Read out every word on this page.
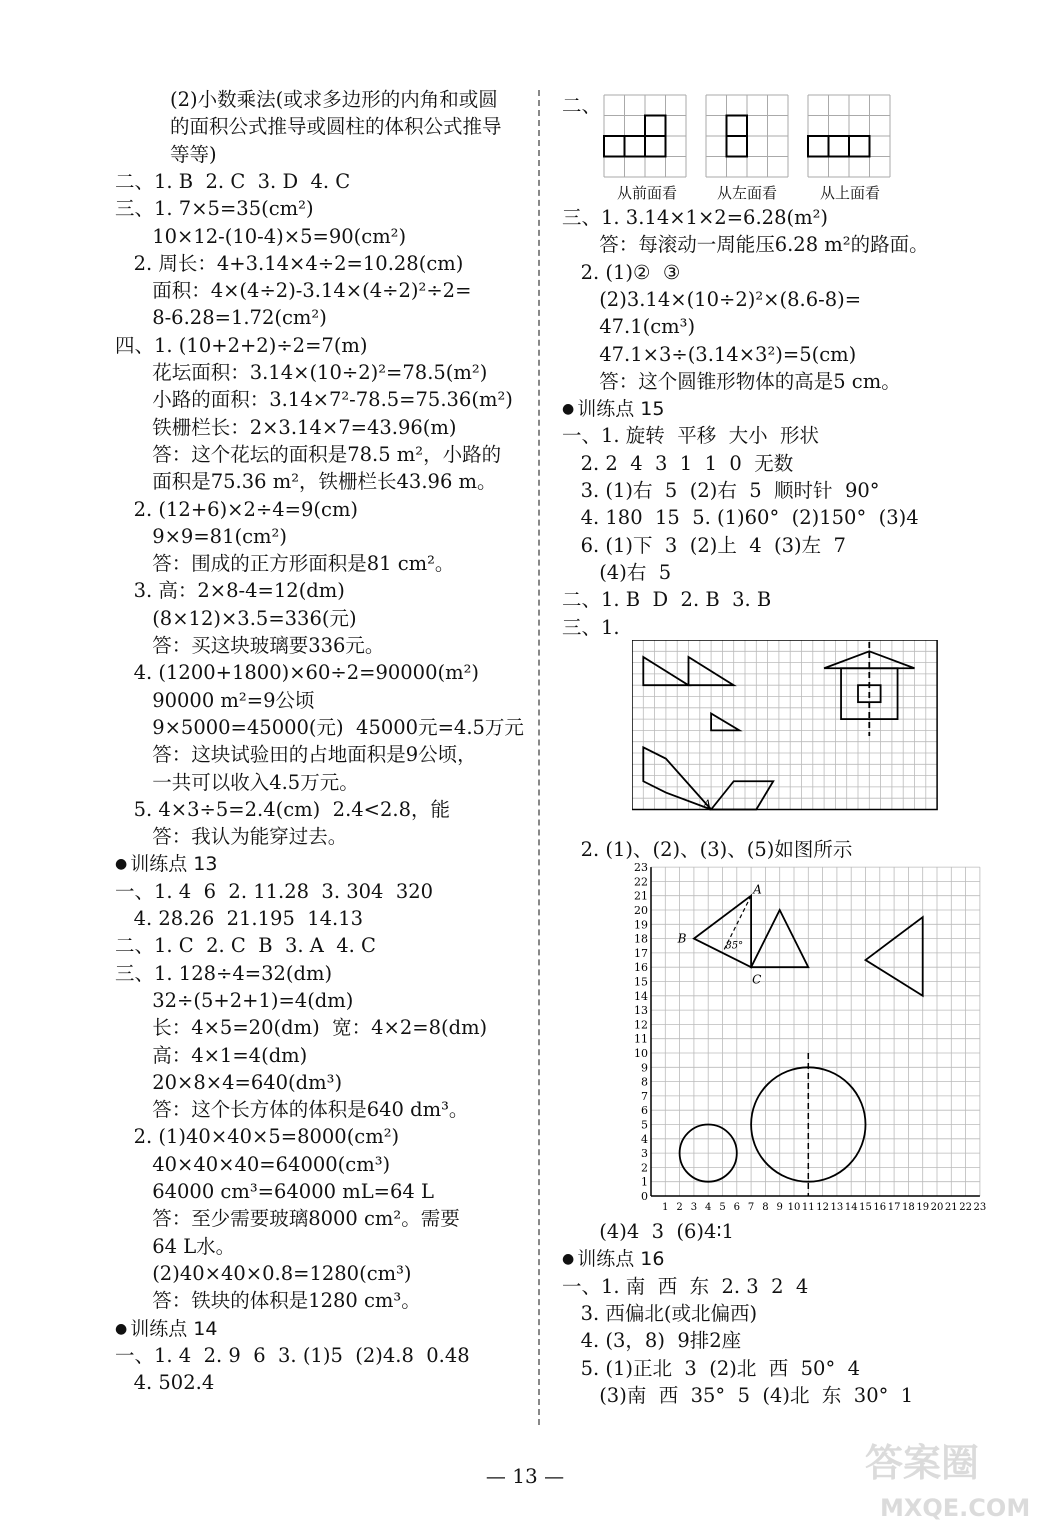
(2)小数乘法(或求多边形的内角和或圆
的面积公式推导或圆柱的体积公式推导
等等)
二、1. B  2. C  3. D  4. C
三、1. 7×5=35(cm²)
10×12-(10-4)×5=90(cm²)
2. 周长：4+3.14×4÷2=10.28(cm)
面积：4×(4÷2)-3.14×(4÷2)²÷2=
8-6.28=1.72(cm²)
四、1. (10+2+2)÷2=7(m)
花坛面积：3.14×(10÷2)²=78.5(m²)
小路的面积：3.14×7²-78.5=75.36(m²)
铁栅栏长：2×3.14×7=43.96(m)
答：这个花坛的面积是78.5 m²，小路的
面积是75.36 m²，铁栅栏长43.96 m。
2. (12+6)×2÷4=9(cm)
9×9=81(cm²)
答：围成的正方形面积是81 cm²。
3. 高：2×8-4=12(dm)
(8×12)×3.5=336(元)
答：买这块玻璃要336元。
4. (1200+1800)×60÷2=90000(m²)
90000 m²=9公顷
9×5000=45000(元)  45000元=4.5万元
答：这块试验田的占地面积是9公顷，
一共可以收入4.5万元。
5. 4×3÷5=2.4(cm)  2.4<2.8，能
答：我认为能穿过去。
● 训练点 13
一、1. 4  6  2. 11.28  3. 304  320
4. 28.26  21.195  14.13
二、1. C  2. C  B  3. A  4. C
三、1. 128÷4=32(dm)
32÷(5+2+1)=4(dm)
长：4×5=20(dm)  宽：4×2=8(dm)
高：4×1=4(dm)
20×8×4=640(dm³)
答：这个长方体的体积是640 dm³。
2. (1)40×40×5=8000(cm²)
40×40×40=64000(cm³)
64000 cm³=64000 mL=64 L
答：至少需要玻璃8000 cm²。需要
64 L水。
(2)40×40×0.8=1280(cm³)
答：铁块的体积是1280 cm³。
● 训练点 14
一、1. 4  2. 9  6  3. (1)5  (2)4.8  0.48
4. 502.4
三、1. 3.14×1×2=6.28(m²)
答：每滚动一周能压6.28 m²的路面。
2. (1)②  ③
(2)3.14×(10÷2)²×(8.6-8)=
47.1(cm³)
47.1×3÷(3.14×3²)=5(cm)
答：这个圆锥形物体的高是5 cm。
● 训练点 15
一、1. 旋转  平移  大小  形状
2. 2  4  3  1  1  0  无数
3. (1)右  5  (2)右  5  顺时针  90°
4. 180  15  5. (1)60°  (2)150°  (3)4
6. (1)下  3  (2)上  4  (3)左  7
(4)右  5
二、1. B  D  2. B  3. B
三、1.
2. (1)、(2)、(3)、(5)如图所示
(4)4  3  (6)4∶1
● 训练点 16
一、1. 南  西  东  2. 3  2  4
3. 西偏北(或北偏西)
4. (3，8)  9排2座
5. (1)正北  3  (2)北  西  50°  4
(3)南  西  35°  5  (4)北  东  30°  1
二、
从前面看	从左面看	从上面看
A
0
1
2
3
4
5
6
7
8
9
10
11
12
13
14
15
16
17
18
19
20
21
22
23
1 2 3 4 5 6 7 8 9 10 11 12 13 14 15 16 17 18 19 20 21 22 23
A
B
C
85°
— 13 —	答案圈
MXQE.COM
